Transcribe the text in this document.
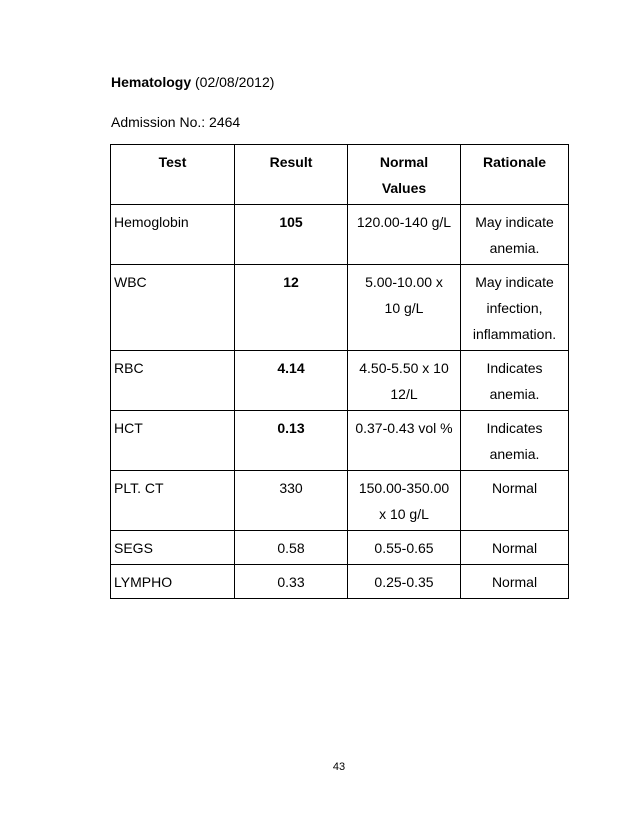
Hematology (02/08/2012)
Admission No.: 2464
Test	Result	Normal Values	Rationale
Hemoglobin	105	120.00-140 g/L	May indicate anemia.
WBC	12	5.00-10.00 x 10 g/L	May indicate infection, inflammation.
RBC	4.14	4.50-5.50 x 10 12/L	Indicates anemia.
HCT	0.13	0.37-0.43 vol %	Indicates anemia.
PLT. CT	330	150.00-350.00 x 10 g/L	Normal
SEGS	0.58	0.55-0.65	Normal
LYMPHO	0.33	0.25-0.35	Normal
43
